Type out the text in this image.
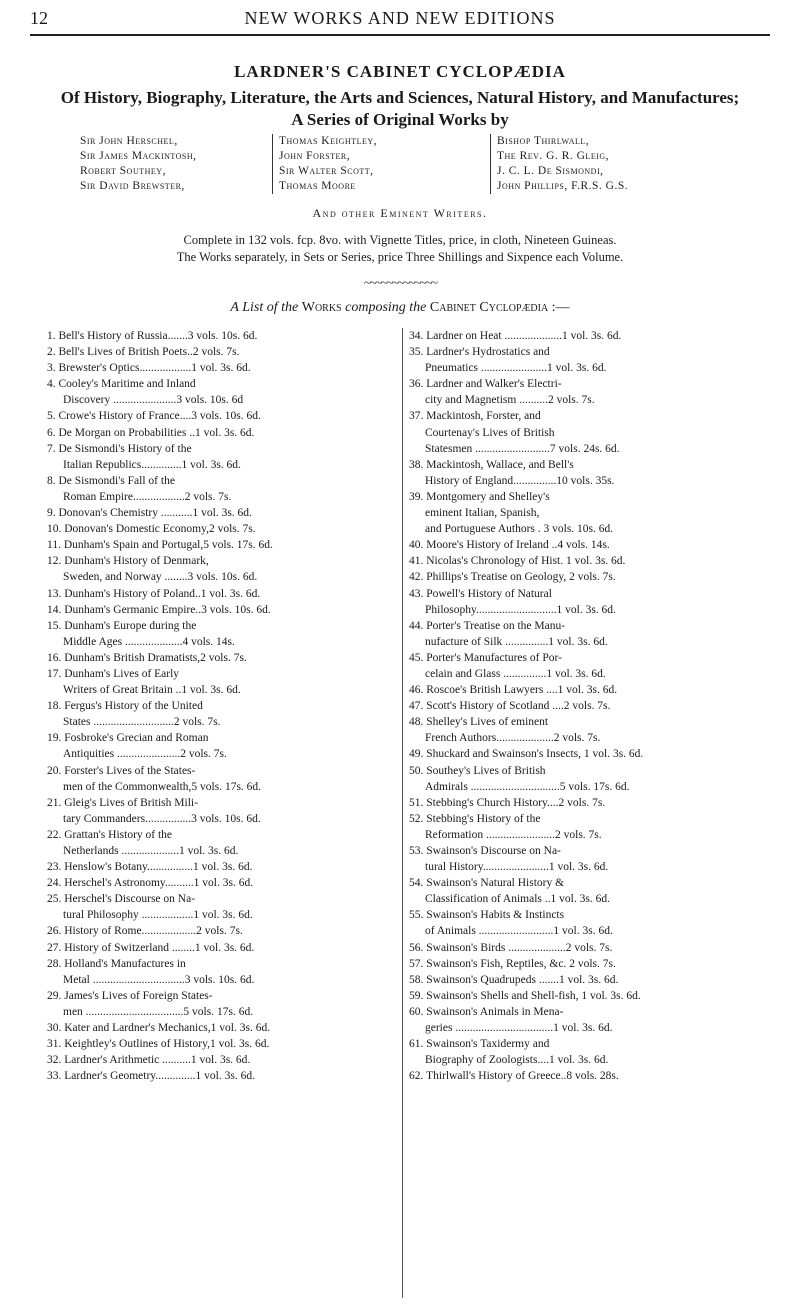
12	NEW WORKS AND NEW EDITIONS
LARDNER'S CABINET CYCLOPÆDIA
Of History, Biography, Literature, the Arts and Sciences, Natural History, and Manufactures;
A Series of Original Works by
Sir John Herschel,
Sir James Mackintosh,
Robert Southey,
Sir David Brewster,
Thomas Keightley,
John Forster,
Sir Walter Scott,
Thomas Moore
Bishop Thirlwall,
The Rev. G. R. Gleig,
J. C. L. De Sismondi,
John Phillips, F.R.S. G.S.
And other Eminent Writers.
Complete in 132 vols. fcp. 8vo. with Vignette Titles, price, in cloth, Nineteen Guineas.
The Works separately, in Sets or Series, price Three Shillings and Sixpence each Volume.
~~~~~~~~~~~~~
A List of the Works composing the Cabinet Cyclopædia :—
1. Bell's History of Russia.......3 vols. 10s. 6d.
2. Bell's Lives of British Poets..2 vols. 7s.
3. Brewster's Optics..................1 vol. 3s. 6d.
4. Cooley's Maritime and Inland
Discovery ......................3 vols. 10s. 6d
5. Crowe's History of France....3 vols. 10s. 6d.
6. De Morgan on Probabilities ..1 vol. 3s. 6d.
7. De Sismondi's History of the
Italian Republics..............1 vol. 3s. 6d.
8. De Sismondi's Fall of the
Roman Empire..................2 vols. 7s.
9. Donovan's Chemistry ...........1 vol. 3s. 6d.
10. Donovan's Domestic Economy,2 vols. 7s.
11. Dunham's Spain and Portugal,5 vols. 17s. 6d.
12. Dunham's History of Denmark,
Sweden, and Norway ........3 vols. 10s. 6d.
13. Dunham's History of Poland..1 vol. 3s. 6d.
14. Dunham's Germanic Empire..3 vols. 10s. 6d.
15. Dunham's Europe during the
Middle Ages ....................4 vols. 14s.
16. Dunham's British Dramatists,2 vols. 7s.
17. Dunham's Lives of Early
Writers of Great Britain ..1 vol. 3s. 6d.
18. Fergus's History of the United
States ............................2 vols. 7s.
19. Fosbroke's Grecian and Roman
Antiquities ......................2 vols. 7s.
20. Forster's Lives of the States-
men of the Commonwealth,5 vols. 17s. 6d.
21. Gleig's Lives of British Mili-
tary Commanders................3 vols. 10s. 6d.
22. Grattan's History of the
Netherlands ....................1 vol. 3s. 6d.
23. Henslow's Botany................1 vol. 3s. 6d.
24. Herschel's Astronomy..........1 vol. 3s. 6d.
25. Herschel's Discourse on Na-
tural Philosophy ..................1 vol. 3s. 6d.
26. History of Rome...................2 vols. 7s.
27. History of Switzerland ........1 vol. 3s. 6d.
28. Holland's Manufactures in
Metal ................................3 vols. 10s. 6d.
29. James's Lives of Foreign States-
men ..................................5 vols. 17s. 6d.
30. Kater and Lardner's Mechanics,1 vol. 3s. 6d.
31. Keightley's Outlines of History,1 vol. 3s. 6d.
32. Lardner's Arithmetic ..........1 vol. 3s. 6d.
33. Lardner's Geometry..............1 vol. 3s. 6d.
34. Lardner on Heat ....................1 vol. 3s. 6d.
35. Lardner's Hydrostatics and
Pneumatics .......................1 vol. 3s. 6d.
36. Lardner and Walker's Electri-
city and Magnetism ..........2 vols. 7s.
37. Mackintosh, Forster, and
Courtenay's Lives of British
Statesmen ..........................7 vols. 24s. 6d.
38. Mackintosh, Wallace, and Bell's
History of England...............10 vols. 35s.
39. Montgomery and Shelley's
eminent Italian, Spanish,
and Portuguese Authors . 3 vols. 10s. 6d.
40. Moore's History of Ireland ..4 vols. 14s.
41. Nicolas's Chronology of Hist. 1 vol. 3s. 6d.
42. Phillips's Treatise on Geology, 2 vols. 7s.
43. Powell's History of Natural
Philosophy............................1 vol. 3s. 6d.
44. Porter's Treatise on the Manu-
nufacture of Silk ...............1 vol. 3s. 6d.
45. Porter's Manufactures of Por-
celain and Glass ...............1 vol. 3s. 6d.
46. Roscoe's British Lawyers ....1 vol. 3s. 6d.
47. Scott's History of Scotland ....2 vols. 7s.
48. Shelley's Lives of eminent
French Authors....................2 vols. 7s.
49. Shuckard and Swainson's Insects, 1 vol. 3s. 6d.
50. Southey's Lives of British
Admirals ...............................5 vols. 17s. 6d.
51. Stebbing's Church History....2 vols. 7s.
52. Stebbing's History of the
Reformation ........................2 vols. 7s.
53. Swainson's Discourse on Na-
tural History.......................1 vol. 3s. 6d.
54. Swainson's Natural History &
Classification of Animals ..1 vol. 3s. 6d.
55. Swainson's Habits & Instincts
of Animals ..........................1 vol. 3s. 6d.
56. Swainson's Birds ....................2 vols. 7s.
57. Swainson's Fish, Reptiles, &c. 2 vols. 7s.
58. Swainson's Quadrupeds .......1 vol. 3s. 6d.
59. Swainson's Shells and Shell-fish, 1 vol. 3s. 6d.
60. Swainson's Animals in Mena-
geries ..................................1 vol. 3s. 6d.
61. Swainson's Taxidermy and
Biography of Zoologists....1 vol. 3s. 6d.
62. Thirlwall's History of Greece..8 vols. 28s.
